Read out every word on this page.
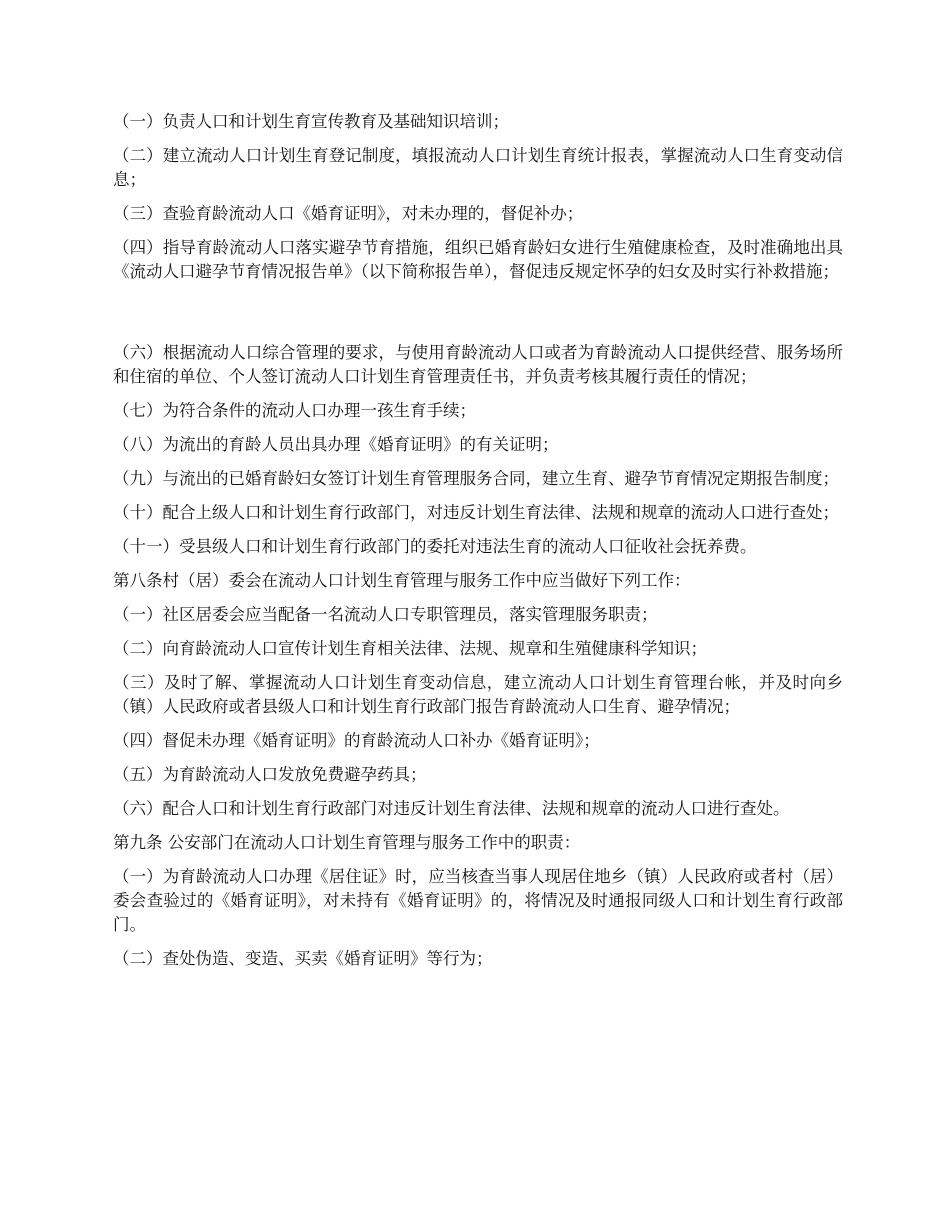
（一）负责人口和计划生育宣传教育及基础知识培训；

（二）建立流动人口计划生育登记制度，填报流动人口计划生育统计报表，掌握流动人口生育变动信息；

（三）查验育龄流动人口《婚育证明》，对未办理的，督促补办；

（四）指导育龄流动人口落实避孕节育措施，组织已婚育龄妇女进行生殖健康检查，及时准确地出具《流动人口避孕节育情况报告单》（以下简称报告单），督促违反规定怀孕的妇女及时实行补救措施；

（六）根据流动人口综合管理的要求，与使用育龄流动人口或者为育龄流动人口提供经营、服务场所和住宿的单位、个人签订流动人口计划生育管理责任书，并负责考核其履行责任的情况；

（七）为符合条件的流动人口办理一孩生育手续；

（八）为流出的育龄人员出具办理《婚育证明》的有关证明；

（九）与流出的已婚育龄妇女签订计划生育管理服务合同，建立生育、避孕节育情况定期报告制度；

（十）配合上级人口和计划生育行政部门，对违反计划生育法律、法规和规章的流动人口进行查处；

（十一）受县级人口和计划生育行政部门的委托对违法生育的流动人口征收社会抚养费。

第八条村（居）委会在流动人口计划生育管理与服务工作中应当做好下列工作：

（一）社区居委会应当配备一名流动人口专职管理员，落实管理服务职责；

（二）向育龄流动人口宣传计划生育相关法律、法规、规章和生殖健康科学知识；

（三）及时了解、掌握流动人口计划生育变动信息，建立流动人口计划生育管理台帐，并及时向乡（镇）人民政府或者县级人口和计划生育行政部门报告育龄流动人口生育、避孕情况；

（四）督促未办理《婚育证明》的育龄流动人口补办《婚育证明》；

（五）为育龄流动人口发放免费避孕药具；

（六）配合人口和计划生育行政部门对违反计划生育法律、法规和规章的流动人口进行查处。

第九条 公安部门在流动人口计划生育管理与服务工作中的职责：

（一）为育龄流动人口办理《居住证》时，应当核查当事人现居住地乡（镇）人民政府或者村（居）委会查验过的《婚育证明》，对未持有《婚育证明》的，将情况及时通报同级人口和计划生育行政部门。

（二）查处伪造、变造、买卖《婚育证明》等行为；
